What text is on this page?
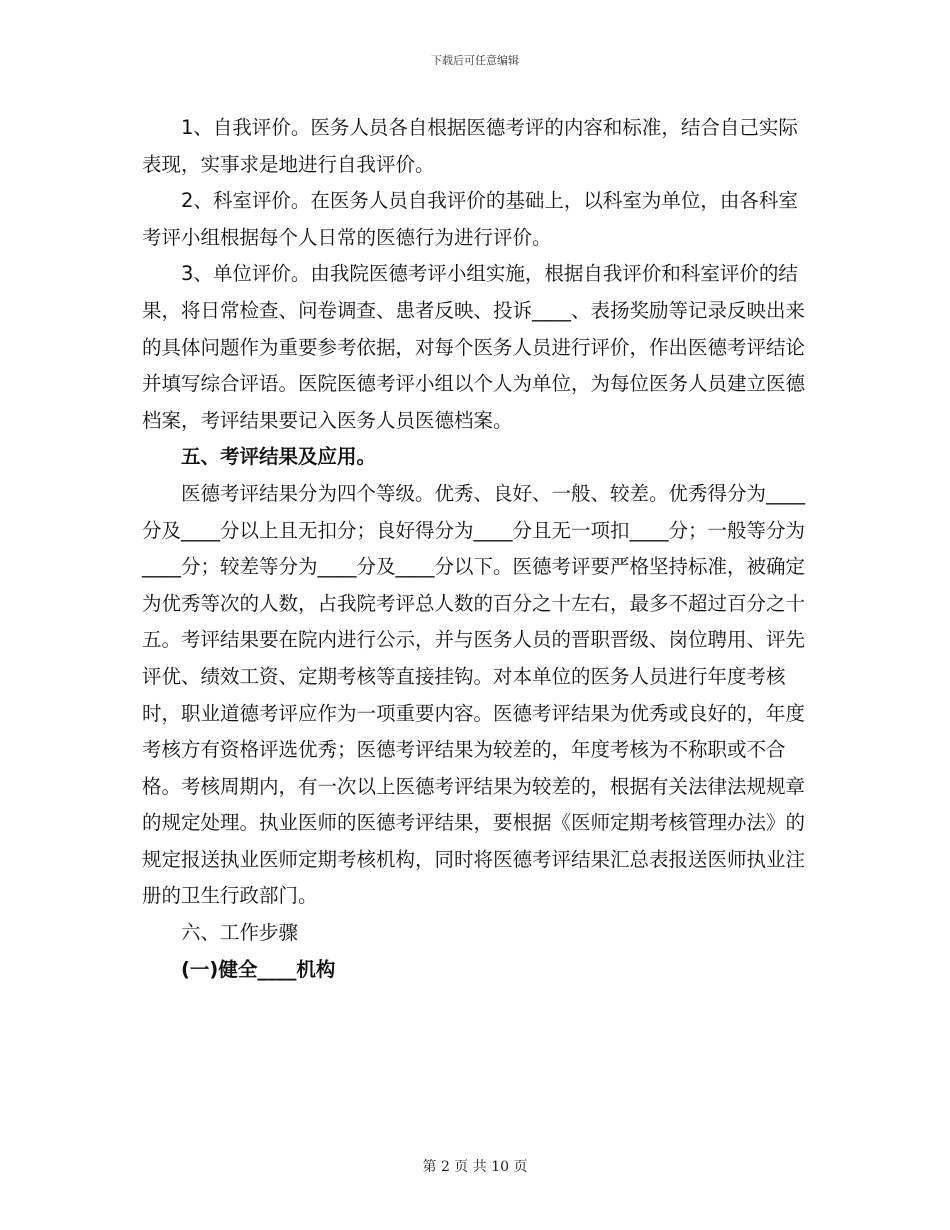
下载后可任意编辑

1、自我评价。医务人员各自根据医德考评的内容和标准，结合自己实际表现，实事求是地进行自我评价。

2、科室评价。在医务人员自我评价的基础上，以科室为单位，由各科室考评小组根据每个人日常的医德行为进行评价。

3、单位评价。由我院医德考评小组实施，根据自我评价和科室评价的结果，将日常检查、问卷调查、患者反映、投诉____、表扬奖励等记录反映出来的具体问题作为重要参考依据，对每个医务人员进行评价，作出医德考评结论并填写综合评语。医院医德考评小组以个人为单位，为每位医务人员建立医德档案，考评结果要记入医务人员医德档案。

五、考评结果及应用。

医德考评结果分为四个等级。优秀、良好、一般、较差。优秀得分为____分及____分以上且无扣分；良好得分为____分且无一项扣____分；一般等分为____分；较差等分为____分及____分以下。医德考评要严格坚持标准，被确定为优秀等次的人数，占我院考评总人数的百分之十左右，最多不超过百分之十五。考评结果要在院内进行公示，并与医务人员的晋职晋级、岗位聘用、评先评优、绩效工资、定期考核等直接挂钩。对本单位的医务人员进行年度考核时，职业道德考评应作为一项重要内容。医德考评结果为优秀或良好的，年度考核方有资格评选优秀；医德考评结果为较差的，年度考核为不称职或不合格。考核周期内，有一次以上医德考评结果为较差的，根据有关法律法规规章的规定处理。执业医师的医德考评结果，要根据《医师定期考核管理办法》的规定报送执业医师定期考核机构，同时将医德考评结果汇总表报送医师执业注册的卫生行政部门。

六、工作步骤

(一)健全____机构

第 2 页 共 10 页
